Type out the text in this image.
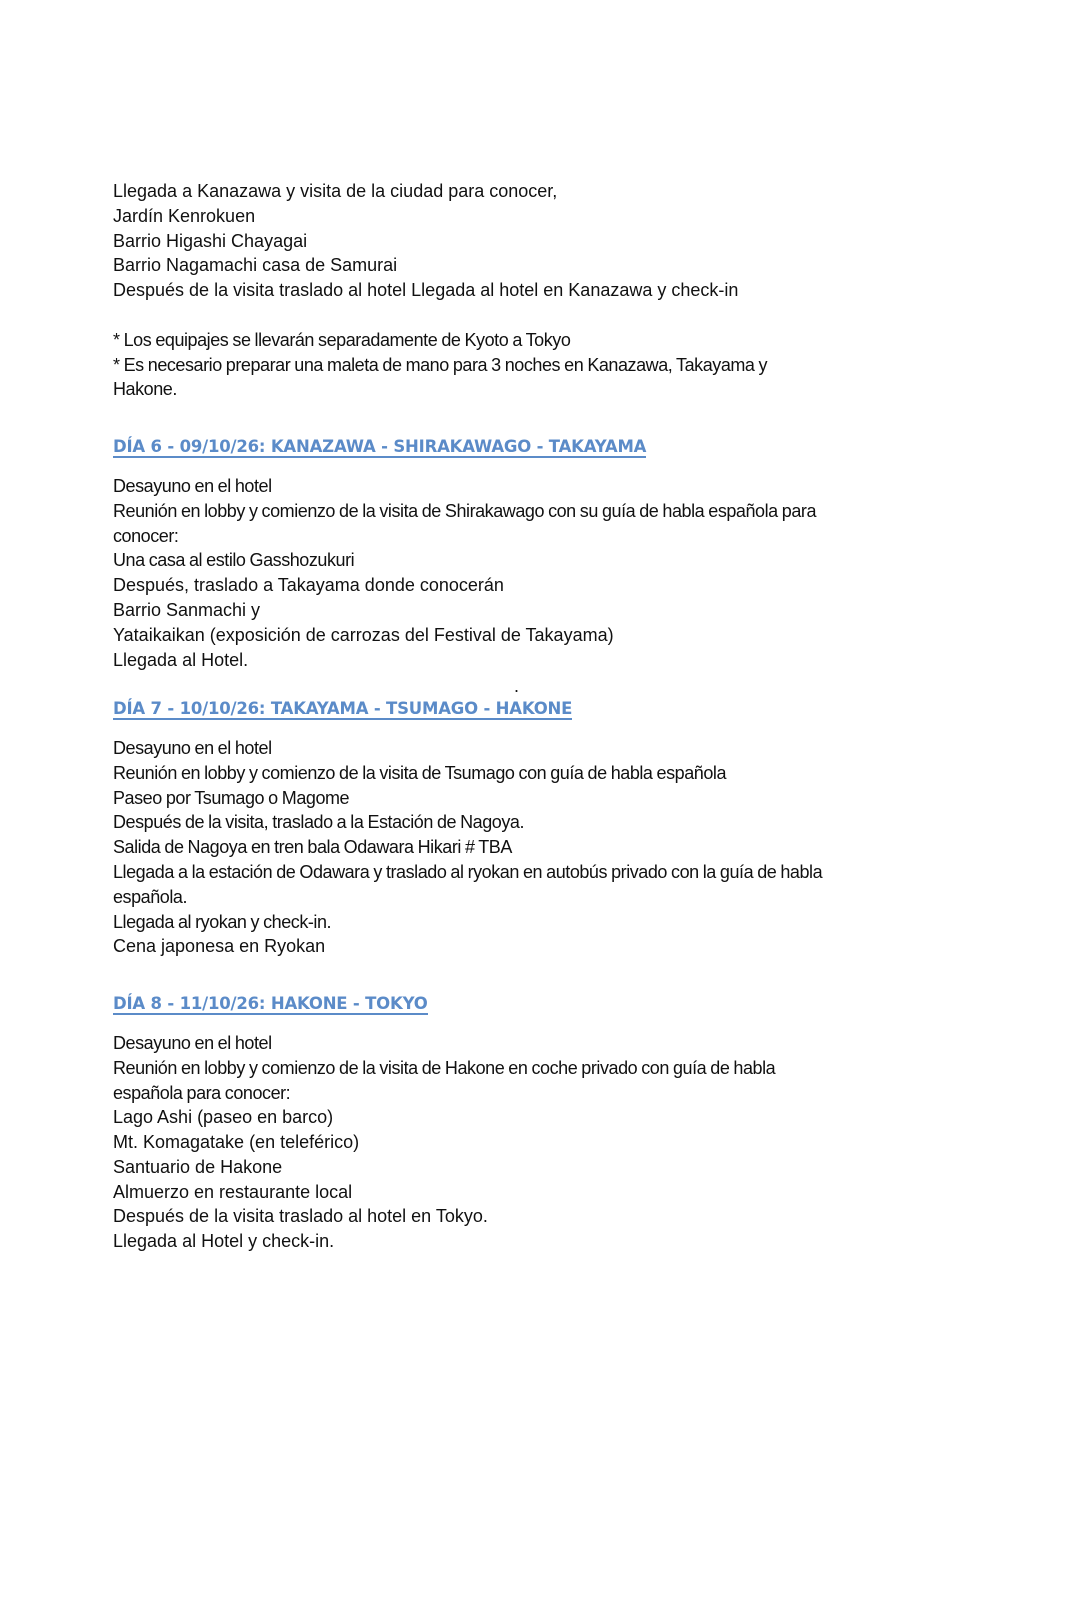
Llegada a Kanazawa y visita de la ciudad para conocer,
Jardín Kenrokuen
Barrio Higashi Chayagai
Barrio Nagamachi casa de Samurai
Después de la visita traslado al hotel Llegada al hotel en Kanazawa y check-in
* Los equipajes se llevarán separadamente de Kyoto a Tokyo
* Es necesario preparar una maleta de mano para 3 noches en Kanazawa, Takayama y
Hakone.
DÍA 6 - 09/10/26: KANAZAWA - SHIRAKAWAGO - TAKAYAMA
Desayuno en el hotel
Reunión en lobby y comienzo de la visita de Shirakawago con su guía de habla española para
conocer:
Una casa al estilo Gasshozukuri
Después, traslado a Takayama donde conocerán
Barrio Sanmachi y
Yataikaikan (exposición de carrozas del Festival de Takayama)
Llegada al Hotel.
.
DÍA 7 - 10/10/26: TAKAYAMA - TSUMAGO - HAKONE
Desayuno en el hotel
Reunión en lobby y comienzo de la visita de Tsumago con guía de habla española
Paseo por Tsumago o Magome
Después de la visita, traslado a la Estación de Nagoya.
Salida de Nagoya en tren bala Odawara Hikari # TBA
Llegada a la estación de Odawara y traslado al ryokan en autobús privado con la guía de habla
española.
Llegada al ryokan y check-in.
Cena japonesa en Ryokan
DÍA 8 - 11/10/26: HAKONE - TOKYO
Desayuno en el hotel
Reunión en lobby y comienzo de la visita de Hakone en coche privado con guía de habla
española para conocer:
Lago Ashi (paseo en barco)
Mt. Komagatake (en teleférico)
Santuario de Hakone
Almuerzo en restaurante local
Después de la visita traslado al hotel en Tokyo.
Llegada al Hotel y check-in.
